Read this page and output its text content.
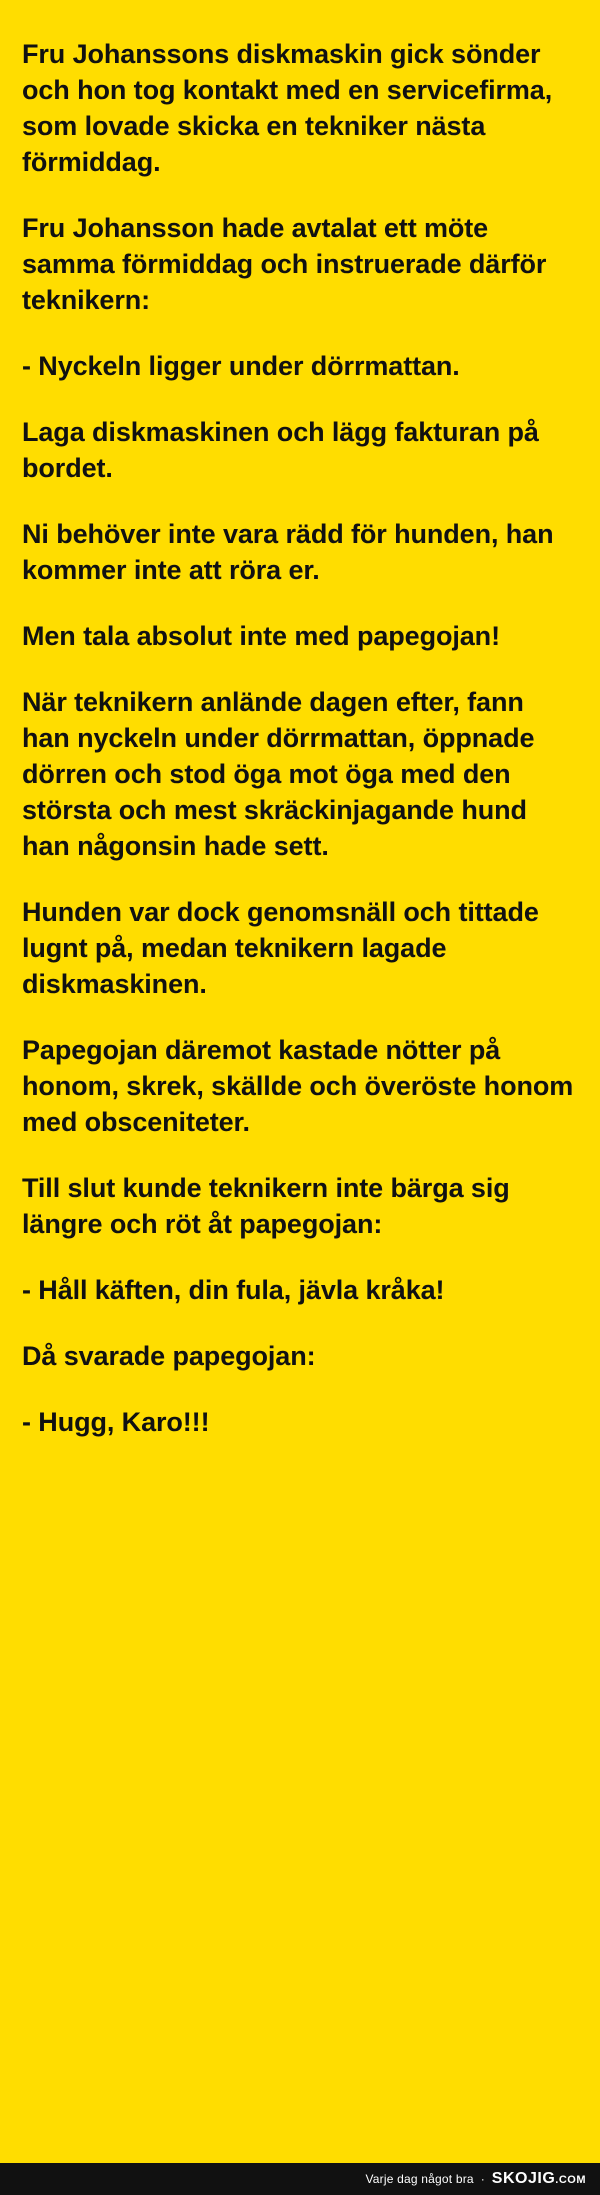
Fru Johanssons diskmaskin gick sönder och hon tog kontakt med en servicefirma, som lovade skicka en tekniker nästa förmiddag.

Fru Johansson hade avtalat ett möte samma förmiddag och instruerade därför teknikern:

- Nyckeln ligger under dörrmattan.

Laga diskmaskinen och lägg fakturan på bordet.

Ni behöver inte vara rädd för hunden, han kommer inte att röra er.

Men tala absolut inte med papegojan!

När teknikern anlände dagen efter, fann han nyckeln under dörrmattan, öppnade dörren och stod öga mot öga med den största och mest skräckinjagande hund han någonsin hade sett.

Hunden var dock genomsnäll och tittade lugnt på, medan teknikern lagade diskmaskinen.

Papegojan däremot kastade nötter på honom, skrek, skällde och överöste honom med obsceniteter.

Till slut kunde teknikern inte bärga sig längre och röt åt papegojan:

- Håll käften, din fula, jävla kråka!

Då svarade papegojan:

- Hugg, Karo!!!

Varje dag något bra · SKOJIG.COM
